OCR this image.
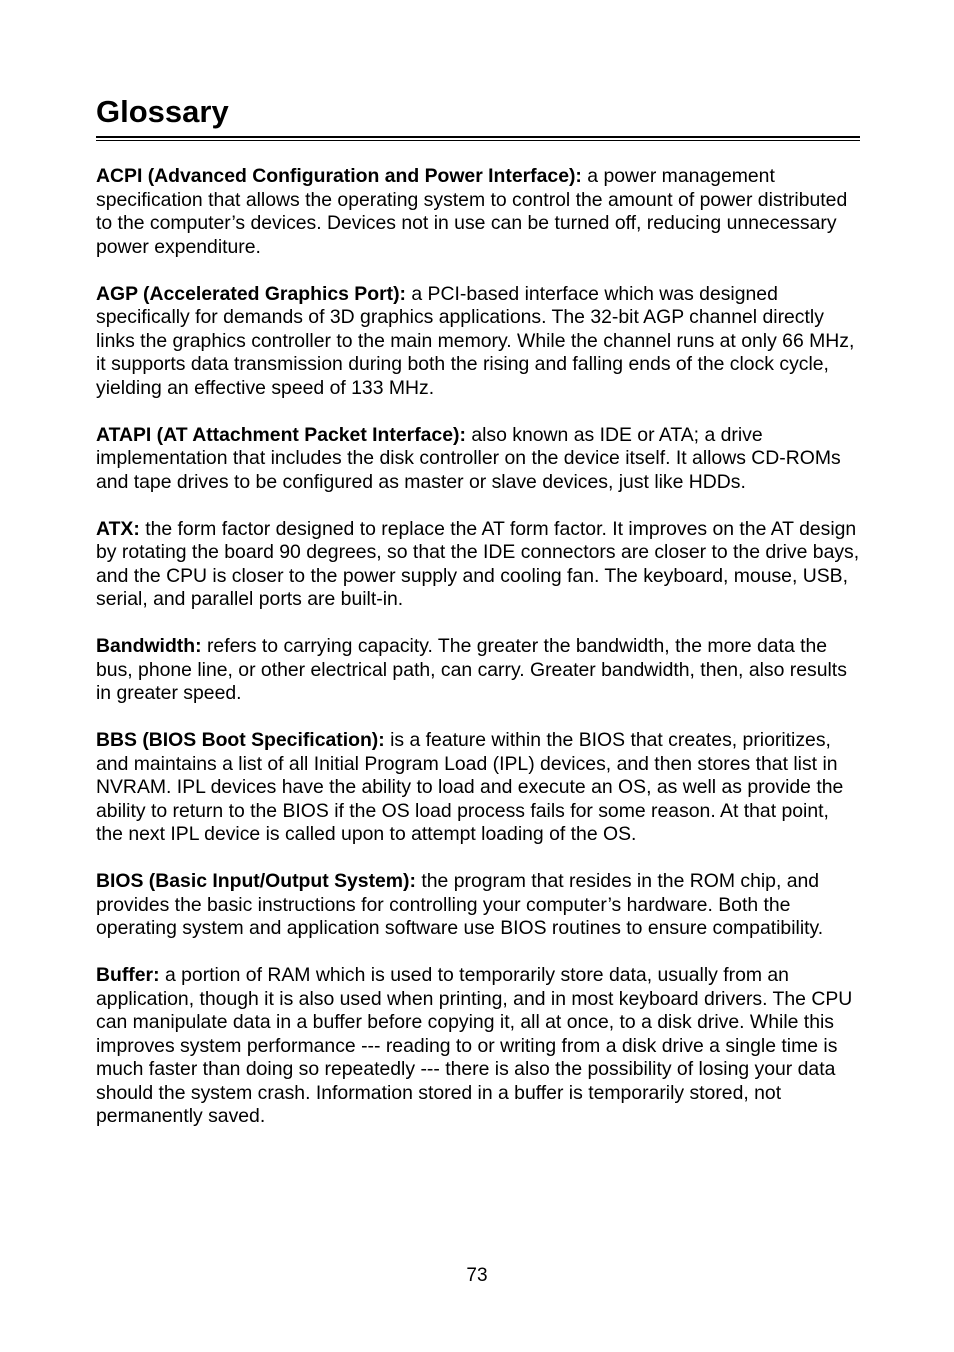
Glossary

ACPI (Advanced Configuration and Power Interface): a power management specification that allows the operating system to control the amount of power distributed to the computer’s devices. Devices not in use can be turned off, reducing unnecessary power expenditure.

AGP (Accelerated Graphics Port): a PCI-based interface which was designed specifically for demands of 3D graphics applications. The 32-bit AGP channel directly links the graphics controller to the main memory. While the channel runs at only 66 MHz, it supports data transmission during both the rising and falling ends of the clock cycle, yielding an effective speed of 133 MHz.

ATAPI (AT Attachment Packet Interface): also known as IDE or ATA; a drive implementation that includes the disk controller on the device itself. It allows CD-ROMs and tape drives to be configured as master or slave devices, just like HDDs.

ATX: the form factor designed to replace the AT form factor. It improves on the AT design by rotating the board 90 degrees, so that the IDE connectors are closer to the drive bays, and the CPU is closer to the power supply and cooling fan. The keyboard, mouse, USB, serial, and parallel ports are built-in.

Bandwidth: refers to carrying capacity. The greater the bandwidth, the more data the bus, phone line, or other electrical path, can carry. Greater bandwidth, then, also results in greater speed.

BBS (BIOS Boot Specification): is a feature within the BIOS that creates, prioritizes, and maintains a list of all Initial Program Load (IPL) devices, and then stores that list in NVRAM. IPL devices have the ability to load and execute an OS, as well as provide the ability to return to the BIOS if the OS load process fails for some reason. At that point, the next IPL device is called upon to attempt loading of the OS.

BIOS (Basic Input/Output System): the program that resides in the ROM chip, and provides the basic instructions for controlling your computer’s hardware. Both the operating system and application software use BIOS routines to ensure compatibility.

Buffer: a portion of RAM which is used to temporarily store data, usually from an application, though it is also used when printing, and in most keyboard drivers. The CPU can manipulate data in a buffer before copying it, all at once, to a disk drive. While this improves system performance --- reading to or writing from a disk drive a single time is much faster than doing so repeatedly --- there is also the possibility of losing your data should the system crash. Information stored in a buffer is temporarily stored, not permanently saved.

73
